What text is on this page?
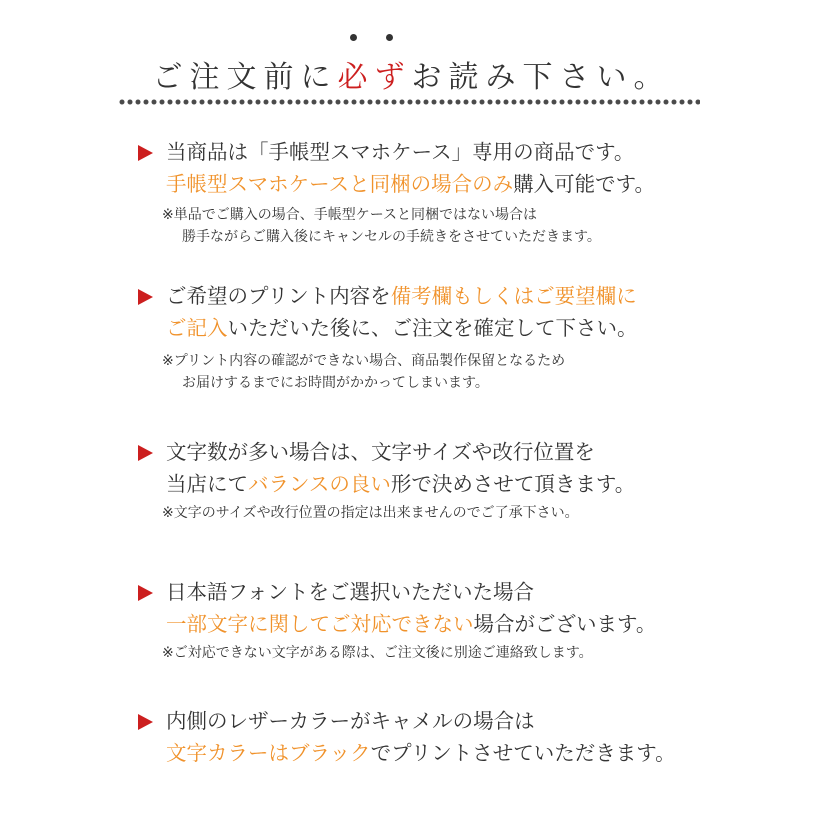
ご注文前に
必ずお読み下さい。
当商品は「手帳型スマホケース」専用の商品です。
手帳型スマホケースと同梱の場合のみ購入可能です。
※単品でご購入の場合、手帳型ケースと同梱ではない場合は
勝手ながらご購入後にキャンセルの手続きをさせていただきます。
ご希望のプリント内容を備考欄もしくはご要望欄に
ご記入いただいた後に、ご注文を確定して下さい。
※プリント内容の確認ができない場合、商品製作保留となるため
お届けするまでにお時間がかかってしまいます。
文字数が多い場合は、文字サイズや改行位置を
当店にてバランスの良い形で決めさせて頂きます。
※文字のサイズや改行位置の指定は出来ませんのでご了承下さい。
日本語フォントをご選択いただいた場合
一部文字に関してご対応できない場合がございます。
※ご対応できない文字がある際は、ご注文後に別途ご連絡致します。
内側のレザーカラーがキャメルの場合は
文字カラーはブラックでプリントさせていただきます。
